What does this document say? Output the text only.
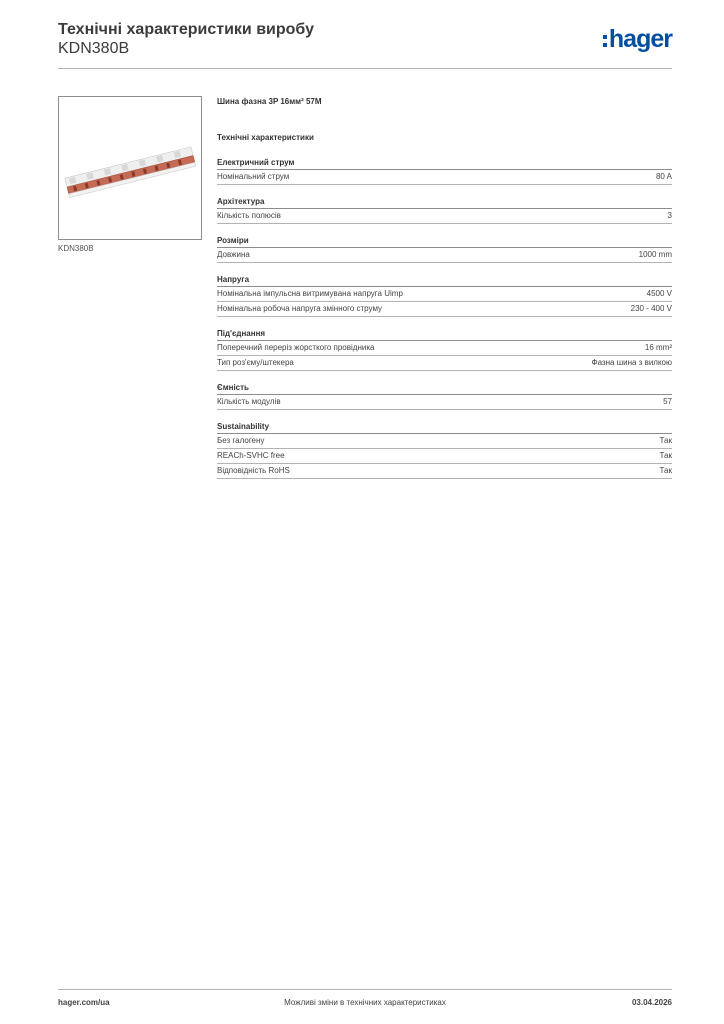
Технічні характеристики виробу
KDN380B	hager
KDN380B
Шина фазна 3P 16мм² 57M
Технічні характеристики
Електричний струм
Номінальний струм	80 A
Архітектура
Кількість полюсів	3
Розміри
Довжина	1000 mm
Напруга
Номінальна імпульсна витримувана напруга Uimp	4500 V
Номінальна робоча напруга змінного струму	230 - 400 V
Під'єднання
Поперечний переріз жорсткого провідника	16 mm²
Тип роз'єму/штекера	Фазна шина з вилкою
Ємність
Кількість модулів	57
Sustainability
Без галогену	Так
REACh-SVHC free	Так
Відповідність RoHS	Так
hager.com/ua	Можливі зміни в технічних характеристиках	03.04.2026
